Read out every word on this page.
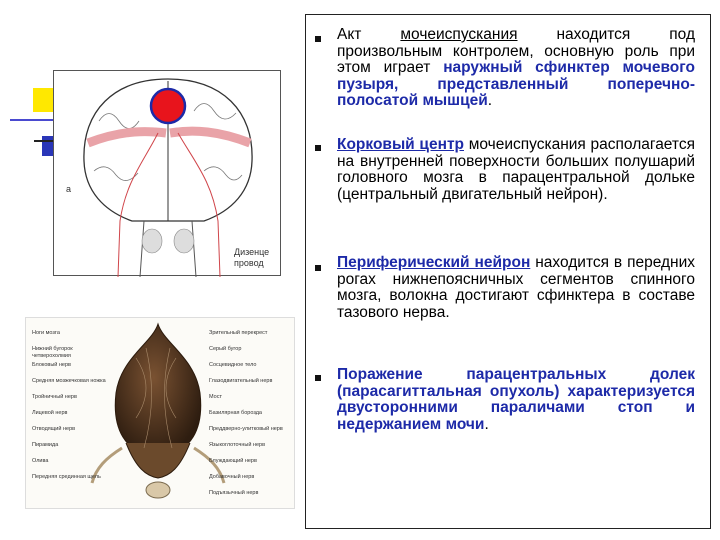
а
Дизенце
провод
Ноги мозга
Нижний бугорок четверохолмия
Блоковый нерв
Средняя мозжечковая ножка
Тройничный нерв
Лицевой нерв
Отводящий нерв
Пирамида
Олива
Передняя срединная щель
Зрительный перекрест
Серый бугор
Сосцевидное тело
Глазодвигательный нерв
Мост
Базилярная борозда
Преддверно-улитковый нерв
Языкоглоточный нерв
Блуждающий нерв
Добавочный нерв
Подъязычный нерв
Акт мочеиспускания находится под произвольным контролем, основную роль при этом играет наружный сфинктер мочевого пузыря, представленный поперечно-полосатой мышцей.
Корковый центр мочеиспускания располагается на внутренней поверхности больших полушарий головного мозга в парацентральной дольке (центральный двигательный нейрон).
Периферический нейрон находится в передних рогах нижнепоясничных сегментов спинного мозга, волокна достигают сфинктера в составе тазового нерва.
Поражение парацентральных долек (парасагиттальная опухоль) характеризуется двусторонними параличами стоп и недержанием мочи.
